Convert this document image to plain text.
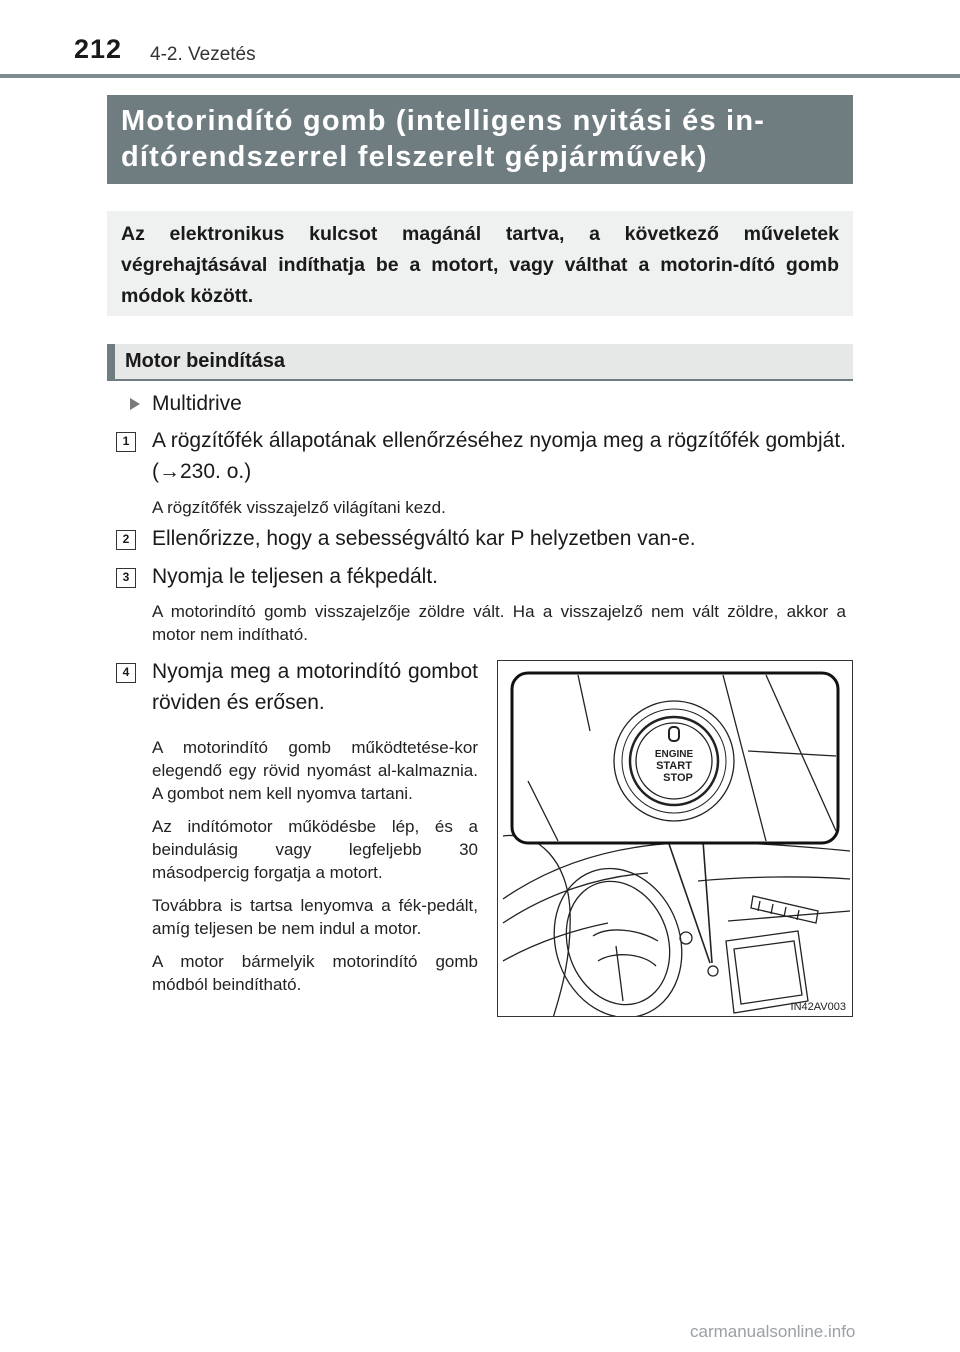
212 4-2. Vezetés
Motorindító gomb (intelligens nyitási és in-
dítórendszerrel felszerelt gépjárművek)
Az elektronikus kulcsot magánál tartva, a következő műveletek végrehajtásával indíthatja be a motort, vagy válthat a motorin-dító gomb módok között.
Motor beindítása
Multidrive
1	A rögzítőfék állapotának ellenőrzéséhez nyomja meg a rögzítőfék gombját. (→230. o.)
A rögzítőfék visszajelző világítani kezd.
2	Ellenőrizze, hogy a sebességváltó kar P helyzetben van-e.
3	Nyomja le teljesen a fékpedált.
A motorindító gomb visszajelzője zöldre vált. Ha a visszajelző nem vált zöldre, akkor a motor nem indítható.
4	Nyomja meg a motorindító gombot röviden és erősen.
A motorindító gomb működtetése-kor elegendő egy rövid nyomást al-kalmaznia. A gombot nem kell nyomva tartani.
Az indítómotor működésbe lép, és a beindulásig vagy legfeljebb 30 másodpercig forgatja a motort.
Továbbra is tartsa lenyomva a fék-pedált, amíg teljesen be nem indul a motor.
A motor bármelyik motorindító gomb módból beindítható.
ENGINE
START
STOP
IN42AV003
carmanualsonline.info
